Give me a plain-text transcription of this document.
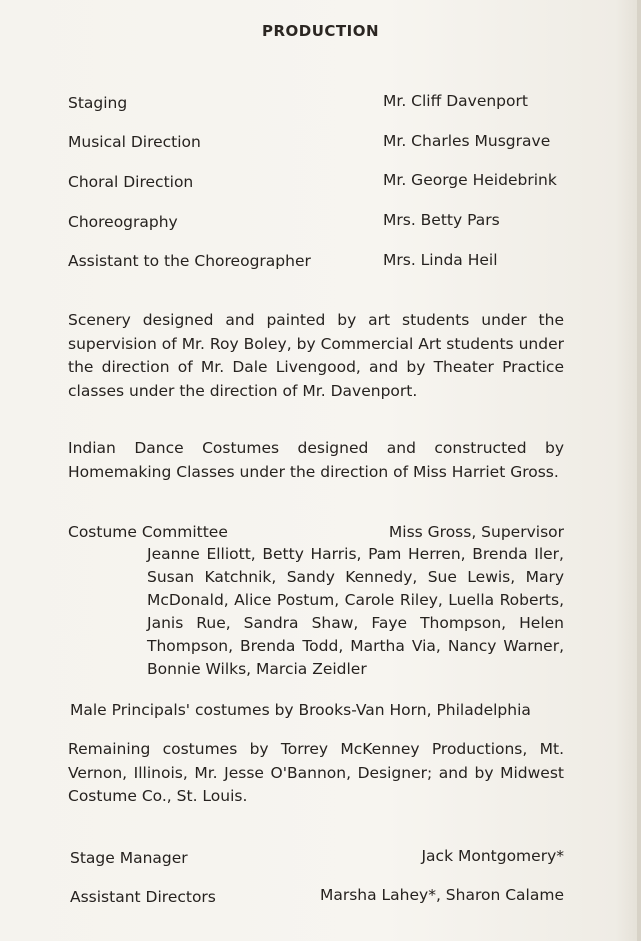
PRODUCTION
Staging	Mr. Cliff Davenport
Musical Direction	Mr. Charles Musgrave
Choral Direction	Mr. George Heidebrink
Choreography	Mrs. Betty Pars
Assistant to the Choreographer	Mrs. Linda Heil
Scenery designed and painted by art students under the supervision of Mr. Roy Boley, by Commercial Art students under the direction of Mr. Dale Livengood, and by Theater Practice classes under the direction of Mr. Davenport.
Indian Dance Costumes designed and constructed by Homemaking Classes under the direction of Miss Harriet Gross.
Costume Committee	Miss Gross, Supervisor
Jeanne Elliott, Betty Harris, Pam Herren, Brenda Iler, Susan Katchnik, Sandy Kennedy, Sue Lewis, Mary McDonald, Alice Postum, Carole Riley, Luella Roberts, Janis Rue, Sandra Shaw, Faye Thompson, Helen Thompson, Brenda Todd, Martha Via, Nancy Warner, Bonnie Wilks, Marcia Zeidler
Male Principals' costumes by Brooks-Van Horn, Philadelphia
Remaining costumes by Torrey McKenney Productions, Mt. Vernon, Illinois, Mr. Jesse O'Bannon, Designer; and by Midwest Costume Co., St. Louis.
Stage Manager	Jack Montgomery*
Assistant Directors	Marsha Lahey*, Sharon Calame
